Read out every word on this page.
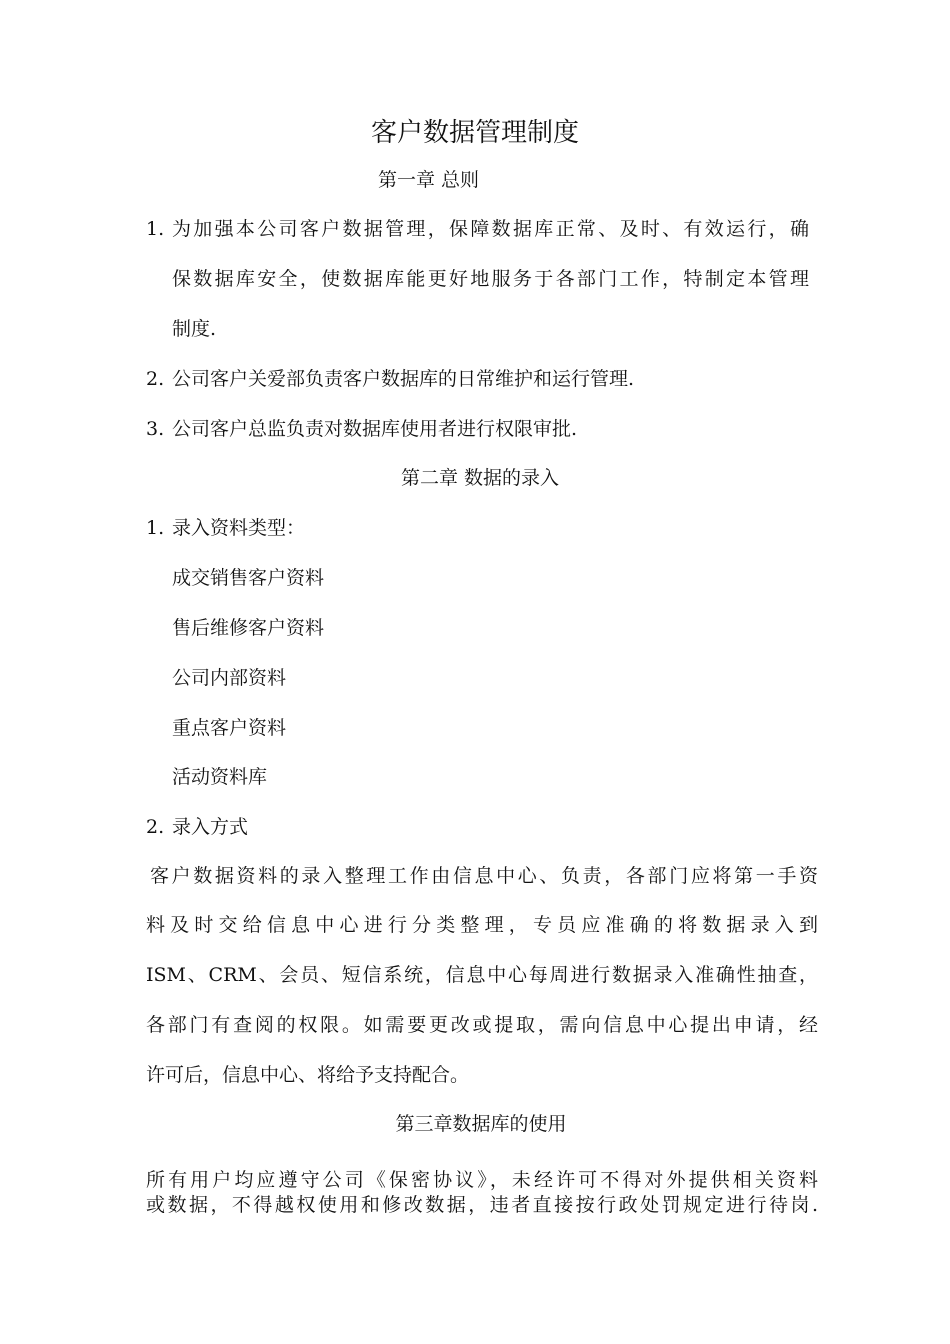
客户数据管理制度
第一章 总则
1. 为加强本公司客户数据管理，保障数据库正常、及时、有效运行，确
保数据库安全，使数据库能更好地服务于各部门工作，特制定本管理
制度.
2. 公司客户关爱部负责客户数据库的日常维护和运行管理.
3. 公司客户总监负责对数据库使用者进行权限审批.
第二章 数据的录入
1. 录入资料类型：
成交销售客户资料
售后维修客户资料
公司内部资料
重点客户资料
活动资料库
2. 录入方式
客户数据资料的录入整理工作由信息中心、负责，各部门应将第一手资
料及时交给信息中心进行分类整理，专员应准确的将数据录入到
ISM、CRM、会员、短信系统，信息中心每周进行数据录入准确性抽查，
各部门有查阅的权限。如需要更改或提取，需向信息中心提出申请，经
许可后，信息中心、将给予支持配合。
第三章数据库的使用
所有用户均应遵守公司《保密协议》，未经许可不得对外提供相关资料
或数据，不得越权使用和修改数据，违者直接按行政处罚规定进行待岗.
